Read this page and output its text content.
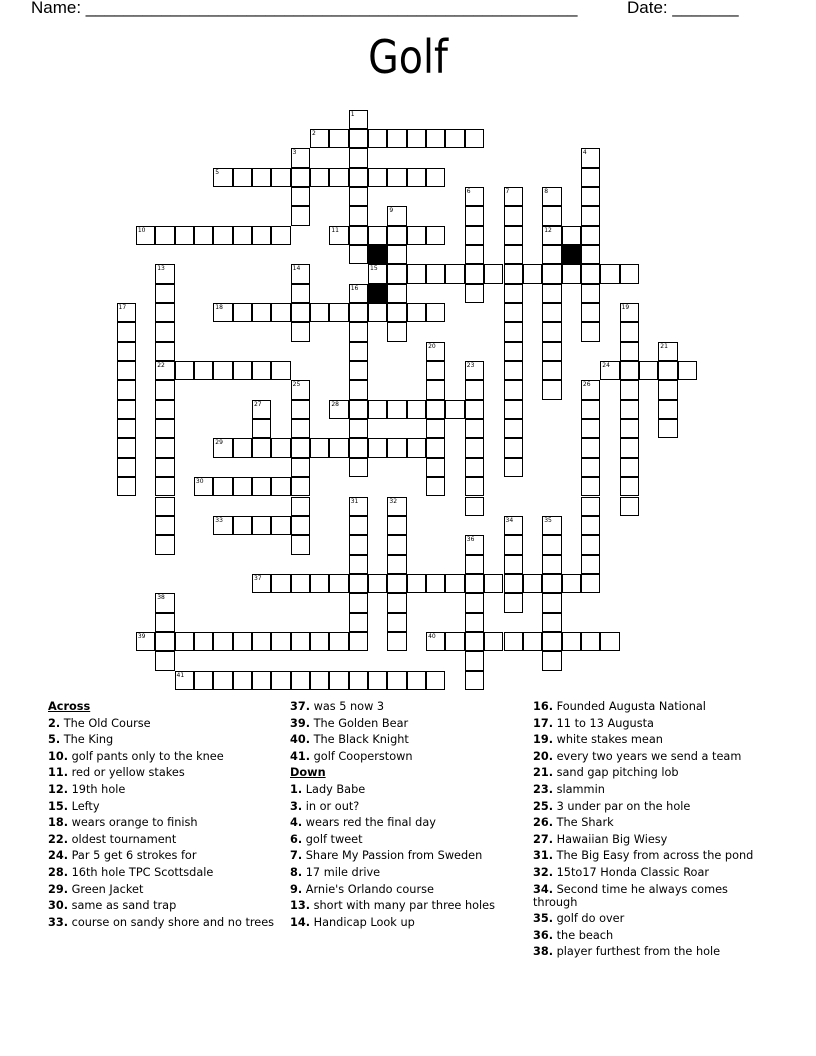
Name: ____________________________________________________	Date: _______
Golf
2
5
10	11	12
15
18
22	24
28
29
30
33
37
39	40
41
1
3	4
6	7	8
9
13	14
16
17	19
20	21
23
25	26
27
31	32
34	35
36
38
Across
2. The Old Course
5. The King
10. golf pants only to the knee
11. red or yellow stakes
12. 19th hole
15. Lefty
18. wears orange to finish
22. oldest tournament
24. Par 5 get 6 strokes for
28. 16th hole TPC Scottsdale
29. Green Jacket
30. same as sand trap
33. course on sandy shore and no trees
37. was 5 now 3
39. The Golden Bear
40. The Black Knight
41. golf Cooperstown
Down
1. Lady Babe
3. in or out?
4. wears red the final day
6. golf tweet
7. Share My Passion from Sweden
8. 17 mile drive
9. Arnie's Orlando course
13. short with many par three holes
14. Handicap Look up
16. Founded Augusta National
17. 11 to 13 Augusta
19. white stakes mean
20. every two years we send a team
21. sand gap pitching lob
23. slammin
25. 3 under par on the hole
26. The Shark
27. Hawaiian Big Wiesy
31. The Big Easy from across the pond
32. 15to17 Honda Classic Roar
34. Second time he always comes through
35. golf do over
36. the beach
38. player furthest from the hole
